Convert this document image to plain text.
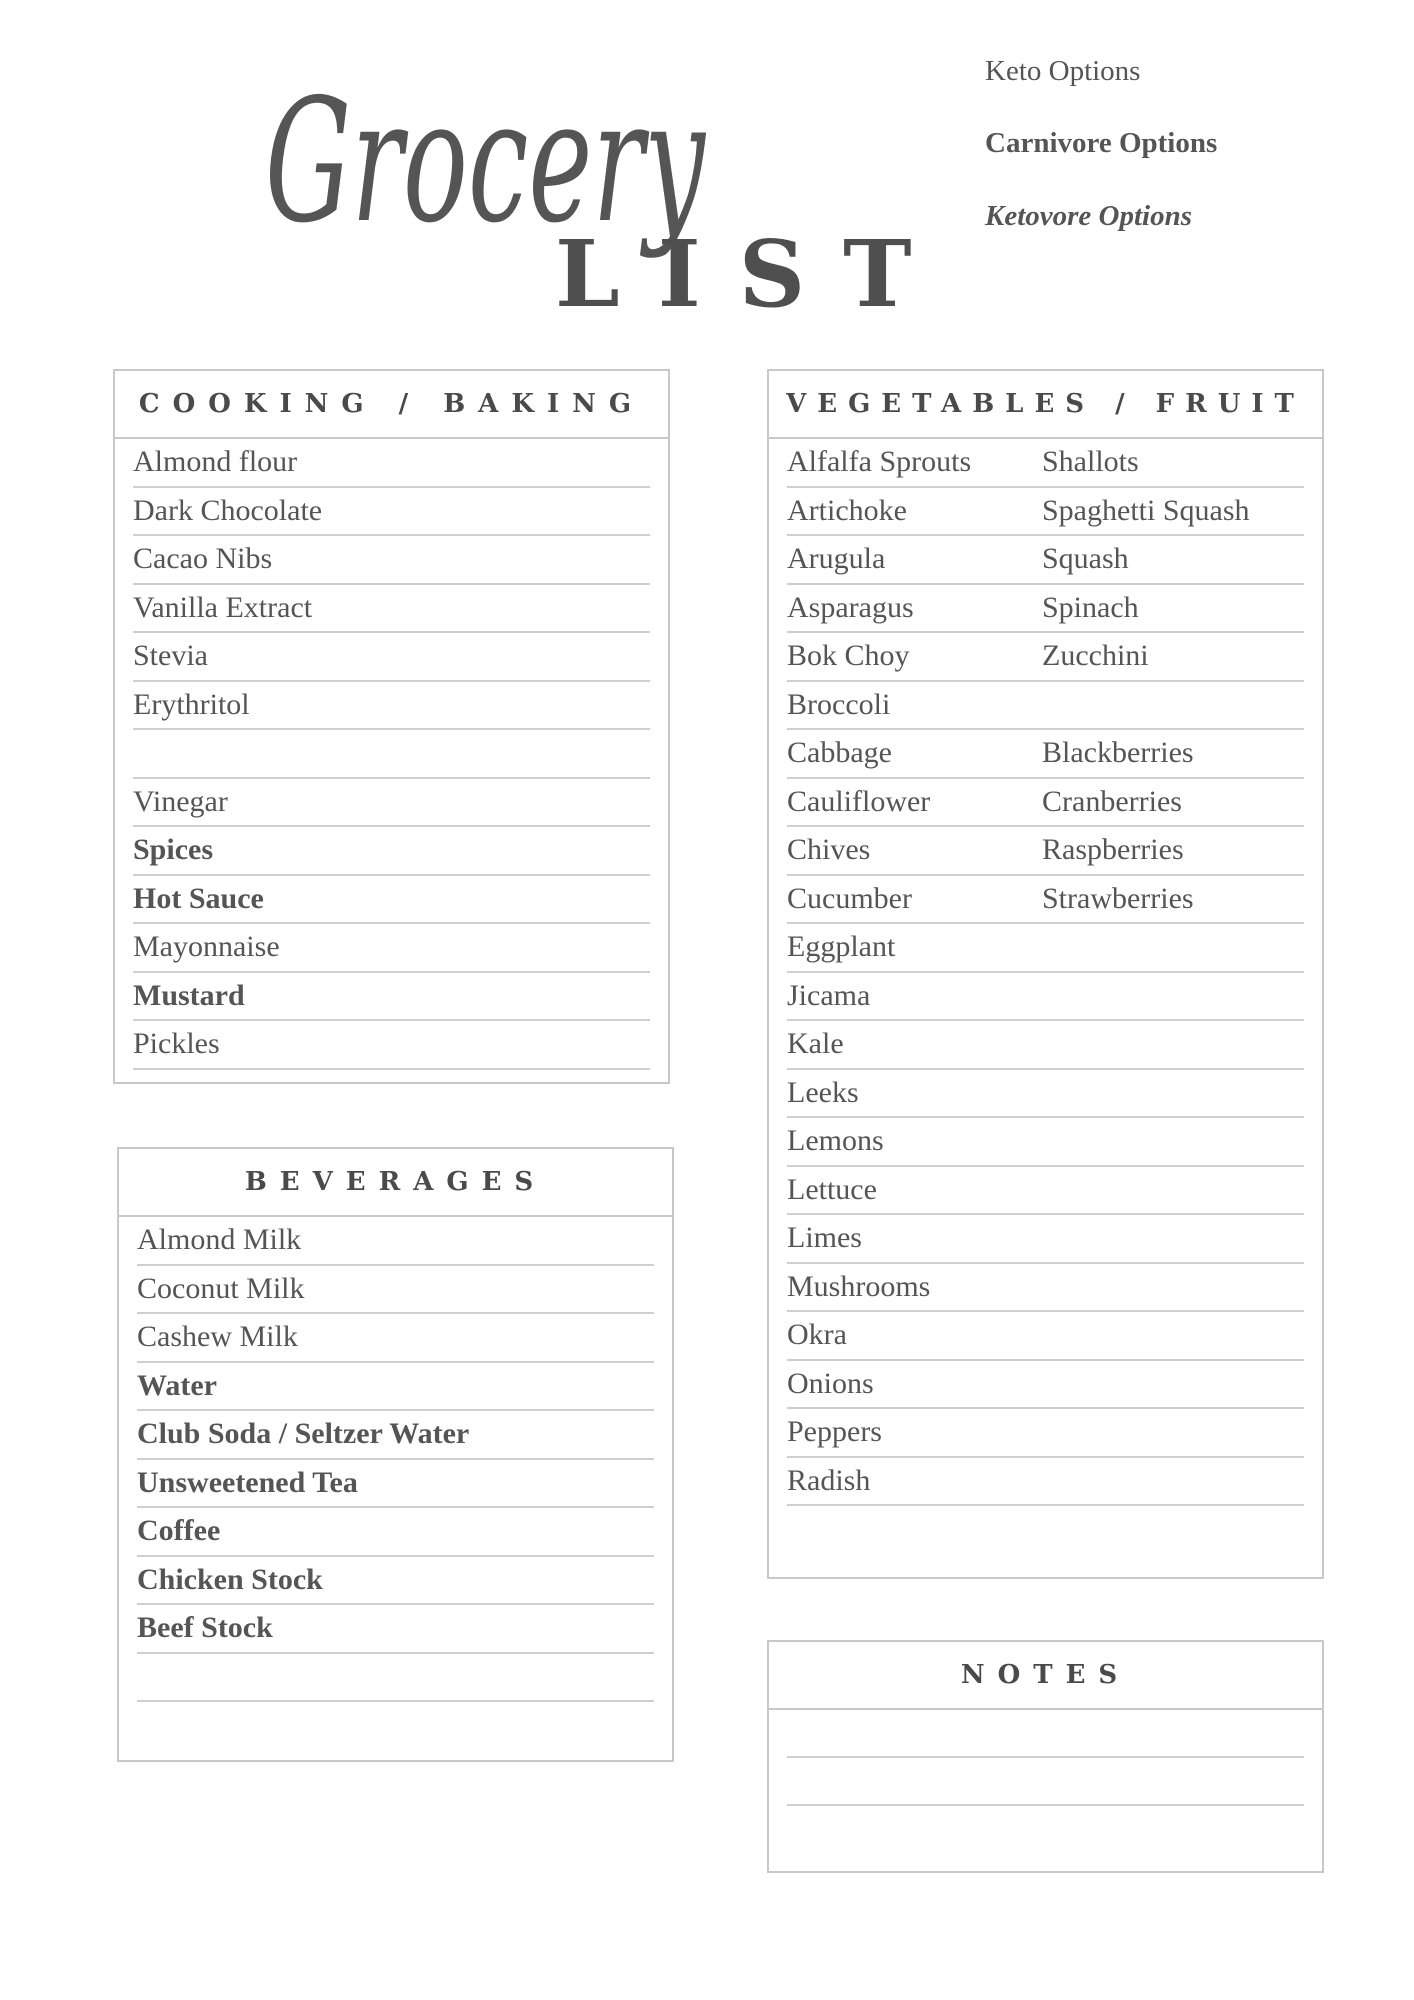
Grocery
LIST
Keto Options
Carnivore Options
Ketovore Options
COOKING / BAKING
Almond flour
Dark Chocolate
Cacao Nibs
Vanilla Extract
Stevia
Erythritol
Vinegar
Spices
Hot Sauce
Mayonnaise
Mustard
Pickles
BEVERAGES
Almond Milk
Coconut Milk
Cashew Milk
Water
Club Soda / Seltzer Water
Unsweetened Tea
Coffee
Chicken Stock
Beef Stock
VEGETABLES / FRUIT
Alfalfa Sprouts	Shallots
Artichoke	Spaghetti Squash
Arugula	Squash
Asparagus	Spinach
Bok Choy	Zucchini
Broccoli
Cabbage	Blackberries
Cauliflower	Cranberries
Chives	Raspberries
Cucumber	Strawberries
Eggplant
Jicama
Kale
Leeks
Lemons
Lettuce
Limes
Mushrooms
Okra
Onions
Peppers
Radish
NOTES
